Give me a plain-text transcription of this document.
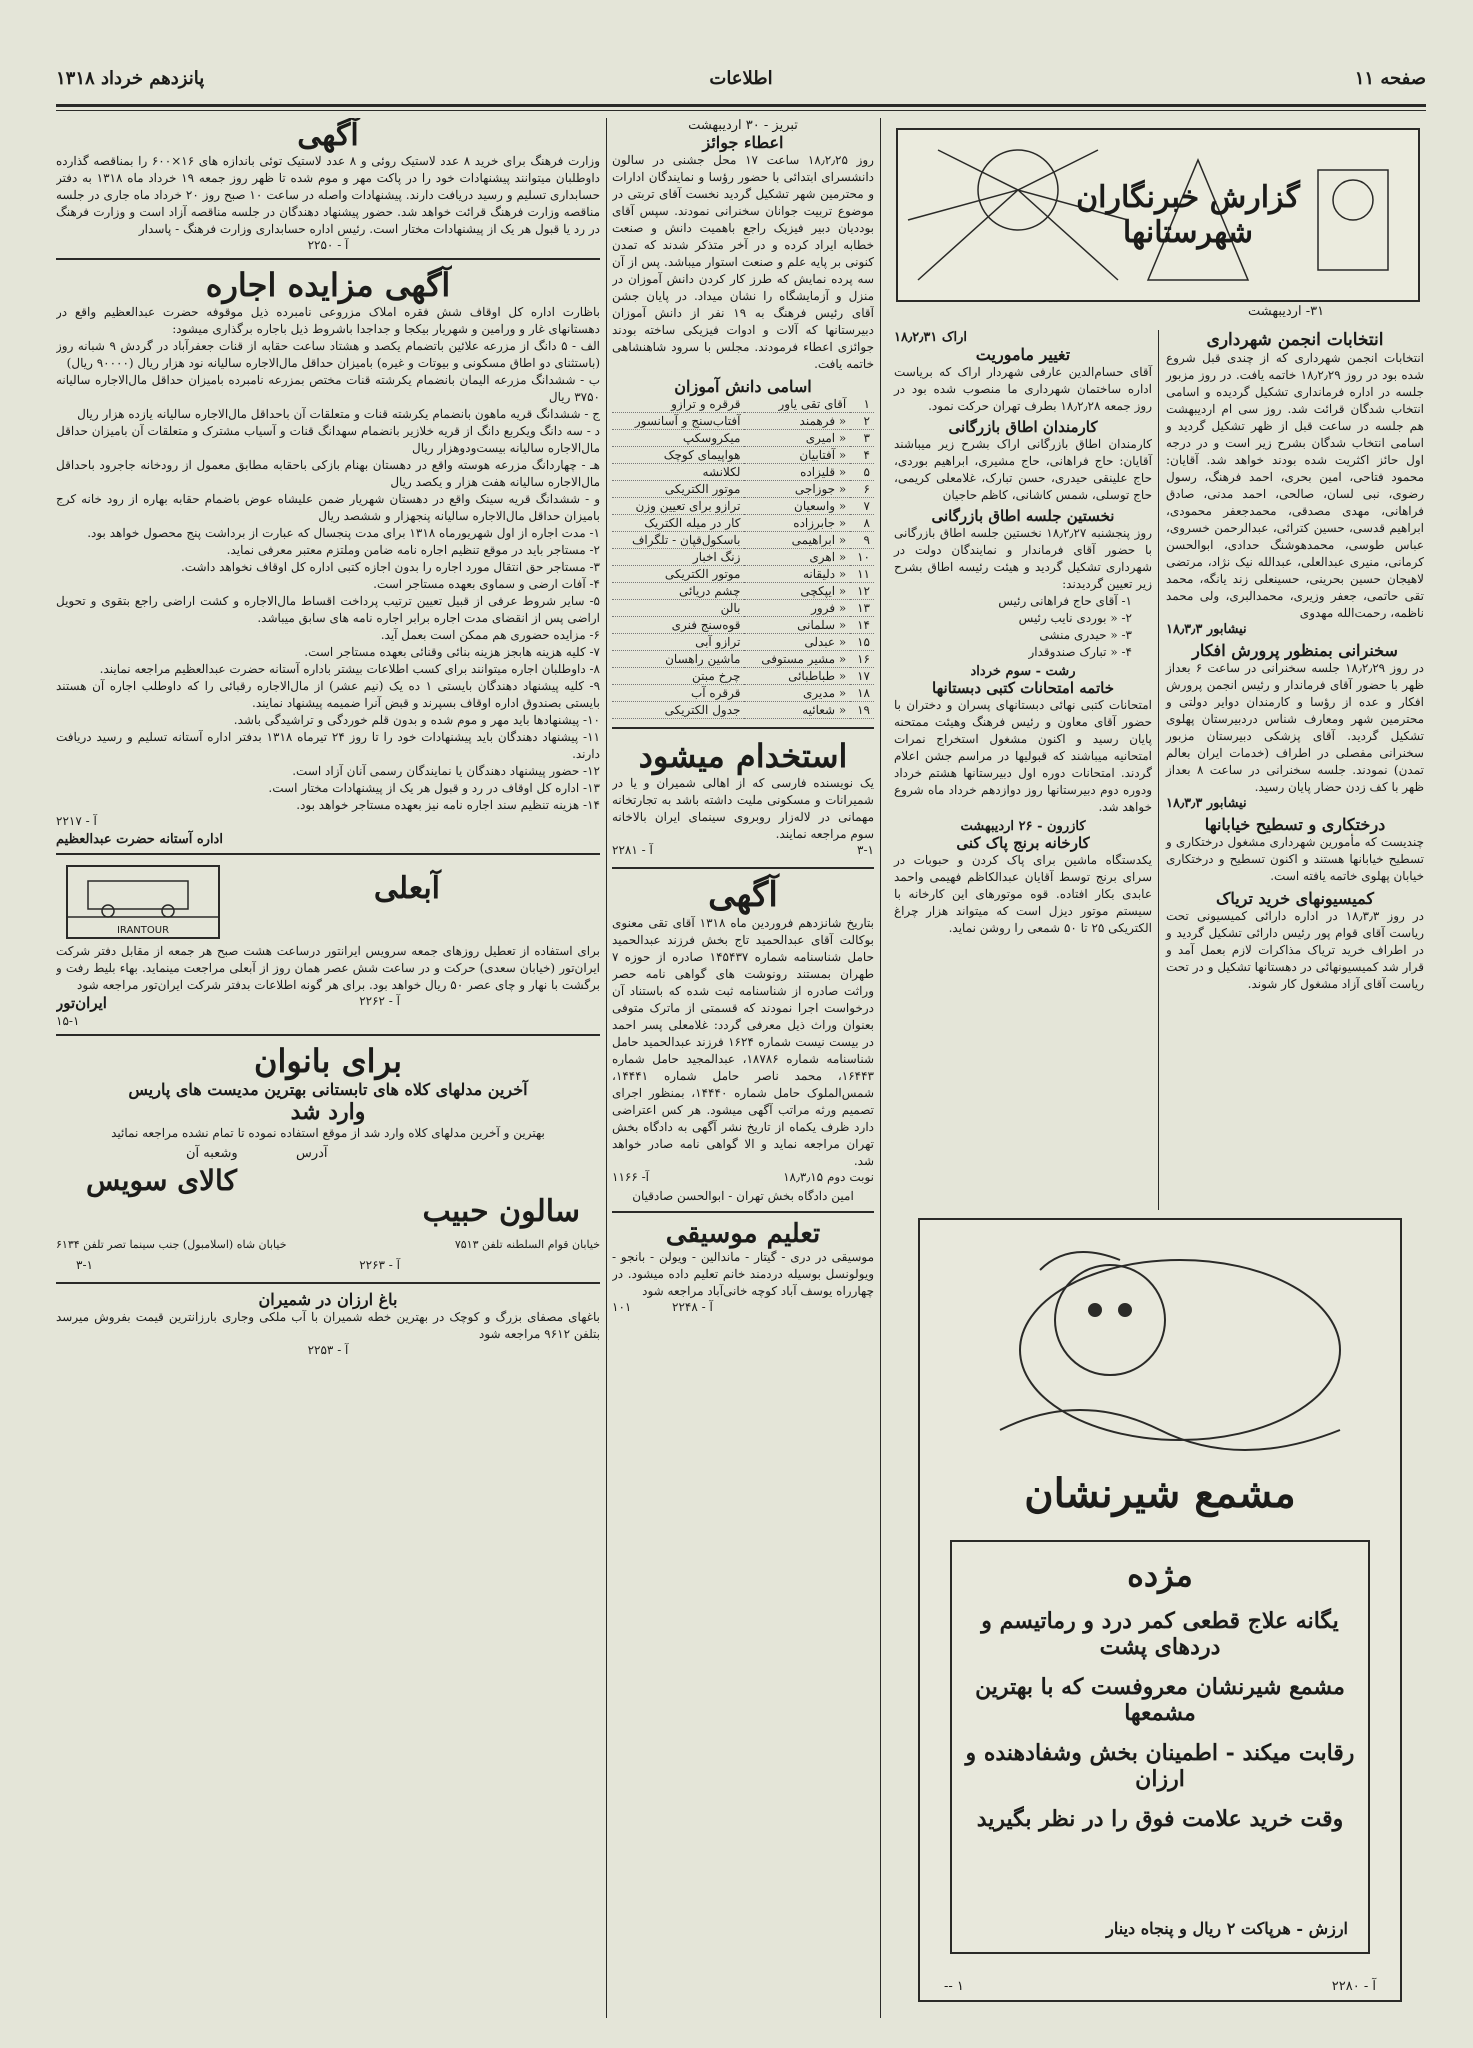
صفحه ۱۱
اطلاعات
پانزدهم خرداد ۱۳۱۸
گزارش خبرنگاران شهرستانها
۳۱- اردیبهشت
انتخابات انجمن شهرداری

انتخابات انجمن شهرداری که از چندی قبل شروع شده بود در روز ۱۸٫۲٫۲۹ خاتمه یافت. در روز مزبور جلسه در اداره فرمانداری تشکیل گردیده و اسامی انتخاب شدگان قرائت شد. روز سی ام اردیبهشت هم جلسه در ساعت قبل از ظهر تشکیل گردید و اسامی انتخاب شدگان بشرح زیر است و در درجه اول حائز اکثریت شده بودند خواهد شد. آقایان: محمود فتاحی، امین بحری، احمد فرهنگ، رسول رضوی، نبی لسان، صالحی، احمد مدنی، صادق فراهانی، مهدی مصدقی، محمدجعفر محمودی، ابراهیم قدسی، حسین کترائی، عبدالرحمن خسروی، عباس طوسی، محمدهوشنگ حدادی، ابوالحسن کرمانی، منیری عبدالعلی، عبدالله نیک نژاد، مرتضی لاهیجان حسین بحرینی، حسینعلی زند یانگه، محمد تقی حاتمی، جعفر وزیری، محمدالبری، ولی محمد ناظمه، رحمت‌الله مهدوی

نیشابور ۱۸٫۳٫۳
سخنرانی بمنظور پرورش افکار

در روز ۱۸٫۲٫۲۹ جلسه سخنرانی در ساعت ۶ بعداز ظهر با حضور آقای فرماندار و رئیس انجمن پرورش افکار و عده از رؤسا و کارمندان دوایر دولتی و محترمین شهر ومعارف شناس دردبیرستان پهلوی تشکیل گردید. آقای پزشکی دبیرستان مزبور سخنرانی مفصلی در اطراف (خدمات ایران بعالم تمدن) نمودند. جلسه سخنرانی در ساعت ۸ بعداز ظهر با کف زدن حضار پایان رسید.

نیشابور ۱۸٫۳٫۳
درختکاری و تسطیح خیابانها

چندیست که مأمورین شهرداری مشغول درختکاری و تسطیح خیابانها هستند و اکنون تسطیح و درختکاری خیابان پهلوی خاتمه یافته است.

کمیسیونهای خرید تریاک

در روز ۱۸٫۳٫۳ در اداره دارائی کمیسیونی تحت ریاست آقای قوام پور رئیس دارائی تشکیل گردید و در اطراف خرید تریاک مذاکرات لازم بعمل آمد و قرار شد کمیسیونهائی در دهستانها تشکیل و در تحت ریاست آقای آزاد مشغول کار شوند.

اراک ۱۸٫۲٫۳۱
تغییر ماموریت

آقای حسام‌الدین عارفی شهردار اراک که بریاست اداره ساختمان شهرداری ما منصوب شده بود در روز جمعه ۱۸٫۲٫۲۸ بطرف تهران حرکت نمود.

کارمندان اطاق بازرگانی

کارمندان اطاق بازرگانی اراک بشرح زیر میباشند آقایان: حاج فراهانی، حاج مشیری، ابراهیم بوردی، حاج علینقی حیدری، حسن تبارک، غلامعلی کریمی، حاج توسلی، شمس کاشانی، کاظم حاجیان

نخستین جلسه اطاق بازرگانی

روز پنجشنبه ۱۸٫۲٫۲۷ نخستین جلسه اطاق بازرگانی با حضور آقای فرماندار و نمایندگان دولت در شهرداری تشکیل گردید و هیئت رئیسه اطاق بشرح زیر تعیین گردیدند:

۱- آقای حاج فراهانی رئیس
۲- « بوردی نایب رئیس
۳- « حیدری منشی
۴- « تبارک صندوقدار
رشت - سوم خرداد
خاتمه امتحانات کتبی دبستانها

امتحانات کتبی نهائی دبستانهای پسران و دختران با حضور آقای معاون و رئیس فرهنگ وهیئت ممتحنه پایان رسید و اکنون مشغول استخراج نمرات امتحانیه میباشند که قبولیها در مراسم جشن اعلام گردند. امتحانات دوره اول دبیرستانها هشتم خرداد ودوره دوم دبیرستانها روز دوازدهم خرداد ماه شروع خواهد شد.

کازرون - ۲۶ اردیبهشت
کارخانه برنج پاک کنی

یکدستگاه ماشین برای پاک کردن و حبوبات در سرای برنج توسط آقایان عبدالکاظم فهیمی واحمد عابدی بکار افتاده. قوه موتورهای این کارخانه با سیستم موتور دیزل است که میتواند هزار چراغ الکتریکی ۲۵ تا ۵۰ شمعی را روشن نماید.

مشمع شیرنشان
مژده
یگانه علاج قطعی کمر درد و رماتیسم و دردهای پشت
مشمع شیرنشان معروفست که با بهترین مشمعها
رقابت میکند - اطمینان بخش وشفادهنده و ارزان
وقت خرید علامت فوق را در نظر بگیرید
ارزش - هرپاکت ۲ ریال و پنجاه دینار
آ - ۲۲۸۰
۱ --
تبریز - ۳۰ اردیبهشت
اعطاء جوائز

روز ۱۸٫۲٫۲۵ ساعت ۱۷ محل جشنی در سالون دانشسرای ابتدائی با حضور رؤسا و نمایندگان ادارات و محترمین شهر تشکیل گردید نخست آقای تربتی در موضوع تربیت جوانان سخنرانی نمودند. سپس آقای بوددیان دبیر فیزیک راجع باهمیت دانش و صنعت خطابه ایراد کرده و در آخر متذکر شدند که تمدن کنونی بر پایه علم و صنعت استوار میباشد. پس از آن سه پرده نمایش که طرز کار کردن دانش آموزان در منزل و آزمایشگاه را نشان میداد. در پایان جشن آقای رئیس فرهنگ به ۱۹ نفر از دانش آموزان دبیرستانها که آلات و ادوات فیزیکی ساخته بودند جوائزی اعطاء فرمودند. مجلس با سرود شاهنشاهی خاتمه یافت.

اسامی دانش آموزان
۱	آقای تقی یاور	قرقره و ترازو
۲	« فرهمند	آفتاب‌سنج و آسانسور
۳	« امیری	میکروسکپ
۴	« آفتابیان	هواپیمای کوچک
۵	« قلیزاده	لکلانشه
۶	« جوزاجی	موتور الکتریکی
۷	« واسعیان	ترازو برای تعیین وزن
۸	« جابرزاده	کار در میله الکتریک
۹	« ابراهیمی	باسکول‌قپان - تلگراف
۱۰	« اهری	زنگ اخبار
۱۱	« دلیقانه	موتور الکتریکی
۱۲	« ایپکچی	چشم دریائی
۱۳	« فرور	بالن
۱۴	« سلمانی	قوه‌سنج فنری
۱۵	« عبدلی	ترازو آبی
۱۶	« مشیر مستوفی	ماشین راهسان
۱۷	« طباطبائی	چرخ مبتن
۱۸	« مدیری	قرقره آب
۱۹	« شعائیه	جدول الکتریکی
استخدام میشود

یک نویسنده فارسی که از اهالی شمیران و یا در شمیرانات و مسکونی ملیت داشته باشد به تجارتخانه مهمانی در لاله‌زار روبروی سینمای ایران بالاخانه سوم مراجعه نمایند.

آ - ۲۲۸۱	۳-۱
آگهی

بتاریخ شانزدهم فروردین ماه ۱۳۱۸ آقای تقی معنوی بوکالت آقای عبدالحمید تاج بخش فرزند عبدالحمید حامل شناسنامه شماره ۱۴۵۴۳۷ صادره از حوزه ۷ طهران بمستند رونوشت های گواهی نامه حصر وراثت صادره از شناسنامه ثبت شده که باستناد آن درخواست اجرا نمودند که قسمتی از ماترک متوفی بعنوان وراث ذیل معرفی گردد: غلامعلی پسر احمد در بیست نیست شماره ۱۶۲۴ فرزند عبدالحمید حامل شناسنامه شماره ۱۸۷۸۶، عبدالمجید حامل شماره ۱۶۴۴۳، محمد ناصر حامل شماره ۱۴۴۴۱، شمس‌الملوک حامل شماره ۱۴۴۴۰، بمنظور اجرای تصمیم ورثه مراتب آگهی میشود. هر کس اعتراضی دارد ظرف یکماه از تاریخ نشر آگهی به دادگاه بخش تهران مراجعه نماید و الا گواهی نامه صادر خواهد شد.

نوبت دوم ۱۸٫۳٫۱۵
آ- ۱۱۶۶
امین دادگاه بخش تهران - ابوالحسن صادقیان
تعلیم موسیقی

موسیقی در دری - گیتار - ماندالین - ویولن - بانجو - ویولونسل بوسیله دردمند خانم تعلیم داده میشود. در چهارراه یوسف آباد کوچه خانی‌آباد مراجعه شود

آ - ۲۲۴۸
۱۰۱
آگهی

وزارت فرهنگ برای خرید ۸ عدد لاستیک روئی و ۸ عدد لاستیک توئی باندازه های ۱۶×۶۰۰ را بمناقصه گذارده داوطلبان میتوانند پیشنهادات خود را در پاکت مهر و موم شده تا ظهر روز جمعه ۱۹ خرداد ماه ۱۳۱۸ به دفتر حسابداری تسلیم و رسید دریافت دارند. پیشنهادات واصله در ساعت ۱۰ صبح روز ۲۰ خرداد ماه جاری در جلسه مناقصه وزارت فرهنگ قرائت خواهد شد. حضور پیشنهاد دهندگان در جلسه مناقصه آزاد است و وزارت فرهنگ در رد یا قبول هر یک از پیشنهادات مختار است. رئیس اداره حسابداری وزارت فرهنگ - پاسدار

آ - ۲۲۵۰
آگهی مزایده اجاره

باظارت اداره کل اوقاف شش فقره املاک مزروعی نامبرده ذیل موقوفه حضرت عبدالعظیم واقع در دهستانهای غار و ورامین و شهریار بیکجا و جداجدا باشروط ذیل باجاره برگذاری میشود:

الف - ۵ دانگ از مزرعه علائین باتضمام یکصد و هشتاد ساعت حقابه از قنات جعفرآباد در گردش ۹ شبانه روز (باستثنای دو اطاق مسکونی و بیوتات و غیره) بامیزان حداقل مال‌الاجاره سالیانه نود هزار ریال (۹۰۰۰۰ ریال)

ب - ششدانگ مزرعه الیمان بانضمام یکرشته قنات مختص بمزرعه نامبرده بامیزان حداقل مال‌الاجاره سالیانه ۳۷۵۰ ریال

ج - ششدانگ قریه ماهون بانضمام یکرشته قنات و متعلقات آن باحداقل مال‌الاجاره سالیانه یازده هزار ریال

د - سه دانگ ویکربع دانگ از قریه خلازیر بانضمام سهدانگ قنات و آسیاب مشترک و متعلقات آن بامیزان حداقل مال‌الاجاره سالیانه بیست‌ودوهزار ریال

هـ - چهاردانگ مزرعه هوسته واقع در دهستان بهنام بازکی باحقابه مطابق معمول از رودخانه جاجرود باحداقل مال‌الاجاره سالیانه هفت هزار و یکصد ریال

و - ششدانگ قریه سینک واقع در دهستان شهریار ضمن علیشاه عوض باضمام حقابه بهاره از رود خانه کرج بامیزان حداقل مال‌الاجاره سالیانه پنجهزار و ششصد ریال

۱- مدت اجاره از اول شهریورماه ۱۳۱۸ برای مدت پنجسال که عبارت از برداشت پنج محصول خواهد بود.

۲- مستاجر باید در موقع تنظیم اجاره نامه ضامن وملتزم معتبر معرفی نماید.

۳- مستاجر حق انتقال مورد اجاره را بدون اجازه کتبی اداره کل اوقاف نخواهد داشت.

۴- آفات ارضی و سماوی بعهده مستاجر است.

۵- سایر شروط عرفی از قبیل تعیین ترتیب پرداخت اقساط مال‌الاجاره و کشت اراضی راجع بتقوی و تحویل اراضی پس از انقضای مدت اجاره برابر اجاره نامه های سابق میباشد.

۶- مزایده حضوری هم ممکن است بعمل آید.

۷- کلیه هزینه هابجز هزینه بنائی وقنائی بعهده مستاجر است.

۸- داوطلبان اجاره میتوانند برای کسب اطلاعات بیشتر باداره آستانه حضرت عبدالعظیم مراجعه نمایند.

۹- کلیه پیشنهاد دهندگان بایستی ۱ ده یک (نیم عشر) از مال‌الاجاره رقبائی را که داوطلب اجاره آن هستند بایستی بصندوق اداره اوقاف بسپرند و قبض آنرا ضمیمه پیشنهاد نمایند.

۱۰- پیشنهادها باید مهر و موم شده و بدون قلم خوردگی و تراشیدگی باشد.

۱۱- پیشنهاد دهندگان باید پیشنهادات خود را تا روز ۲۴ تیرماه ۱۳۱۸ بدفتر اداره آستانه تسلیم و رسید دریافت دارند.

۱۲- حضور پیشنهاد دهندگان یا نمایندگان رسمی آنان آزاد است.

۱۳- اداره کل اوقاف در رد و قبول هر یک از پیشنهادات مختار است.

۱۴- هزینه تنظیم سند اجاره نامه نیز بعهده مستاجر خواهد بود.

آ - ۲۲۱۷
اداره آستانه حضرت عبدالعظیم
IRANTOUR
آبعلی

برای استفاده از تعطیل روزهای جمعه سرویس ایرانتور درساعت هشت صبح هر جمعه از مقابل دفتر شرکت ایران‌تور (خیابان سعدی) حرکت و در ساعت شش عصر همان روز از آبعلی مراجعت مینماید. بهاء بلیط رفت و برگشت با نهار و چای عصر ۵۰ ریال خواهد بود. برای هر گونه اطلاعات بدفتر شرکت ایران‌تور مراجعه شود

آ - ۲۲۶۲
ایران‌تور
۱۵-۱
برای بانوان
آخرین مدلهای کلاه های تابستانی بهترین مدیست های پاریس
وارد شد
بهترین و آخرین مدلهای کلاه وارد شد از موقع استفاده نموده تا تمام نشده مراجعه نمائید
آدرس
وشعبه آن
کالای سویس
سالون حبیب
خیابان قوام السلطنه تلفن ۷۵۱۳
خیابان شاه (اسلامبول) جنب سینما تصر تلفن ۶۱۳۴
آ - ۲۲۶۳
۳-۱
باغ ارزان در شمیران

باغهای مصفای بزرگ و کوچک در بهترین خطه شمیران با آب ملکی وجاری بارزانترین قیمت بفروش میرسد بتلفن ۹۶۱۲ مراجعه شود

آ - ۲۲۵۳
